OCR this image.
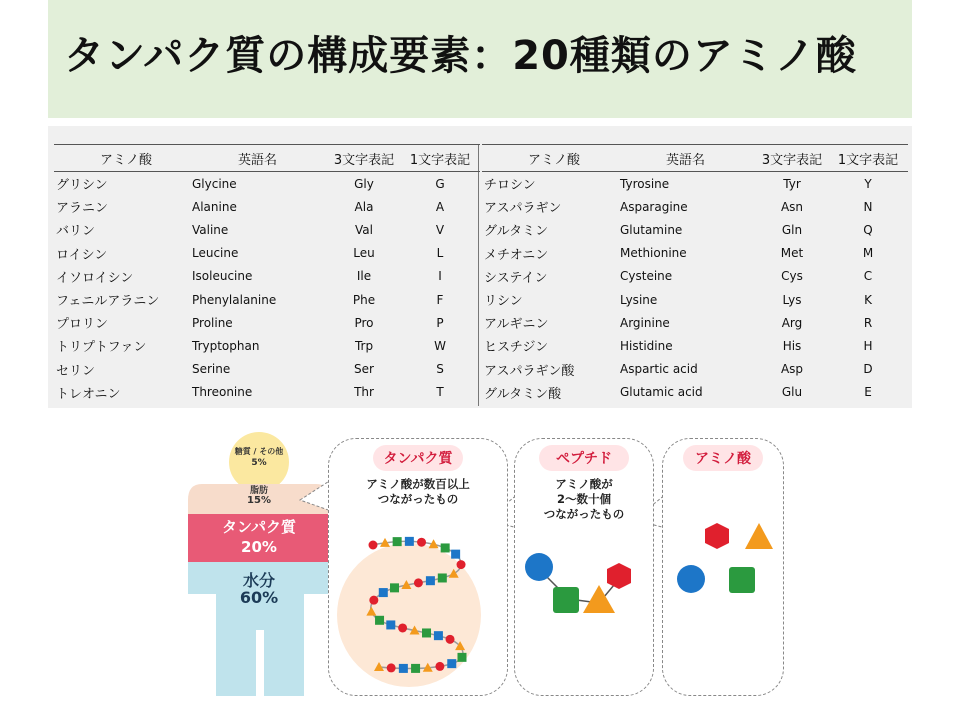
タンパク質の構成要素：20種類のアミノ酸
アミノ酸	英語名	3文字表記	1文字表記
グリシン	Glycine	Gly	G
アラニン	Alanine	Ala	A
バリン	Valine	Val	V
ロイシン	Leucine	Leu	L
イソロイシン	Isoleucine	Ile	I
フェニルアラニン	Phenylalanine	Phe	F
プロリン	Proline	Pro	P
トリプトファン	Tryptophan	Trp	W
セリン	Serine	Ser	S
トレオニン	Threonine	Thr	T
アミノ酸	英語名	3文字表記	1文字表記
チロシン	Tyrosine	Tyr	Y
アスパラギン	Asparagine	Asn	N
グルタミン	Glutamine	Gln	Q
メチオニン	Methionine	Met	M
システイン	Cysteine	Cys	C
リシン	Lysine	Lys	K
アルギニン	Arginine	Arg	R
ヒスチジン	Histidine	His	H
アスパラギン酸	Aspartic acid	Asp	D
グルタミン酸	Glutamic acid	Glu	E
糖質 / その他
5%
脂肪
15%
タンパク質
20%
水分
60%
タンパク質
アミノ酸が数百以上
つながったもの
ペプチド
アミノ酸が
2～数十個
つながったもの
アミノ酸
